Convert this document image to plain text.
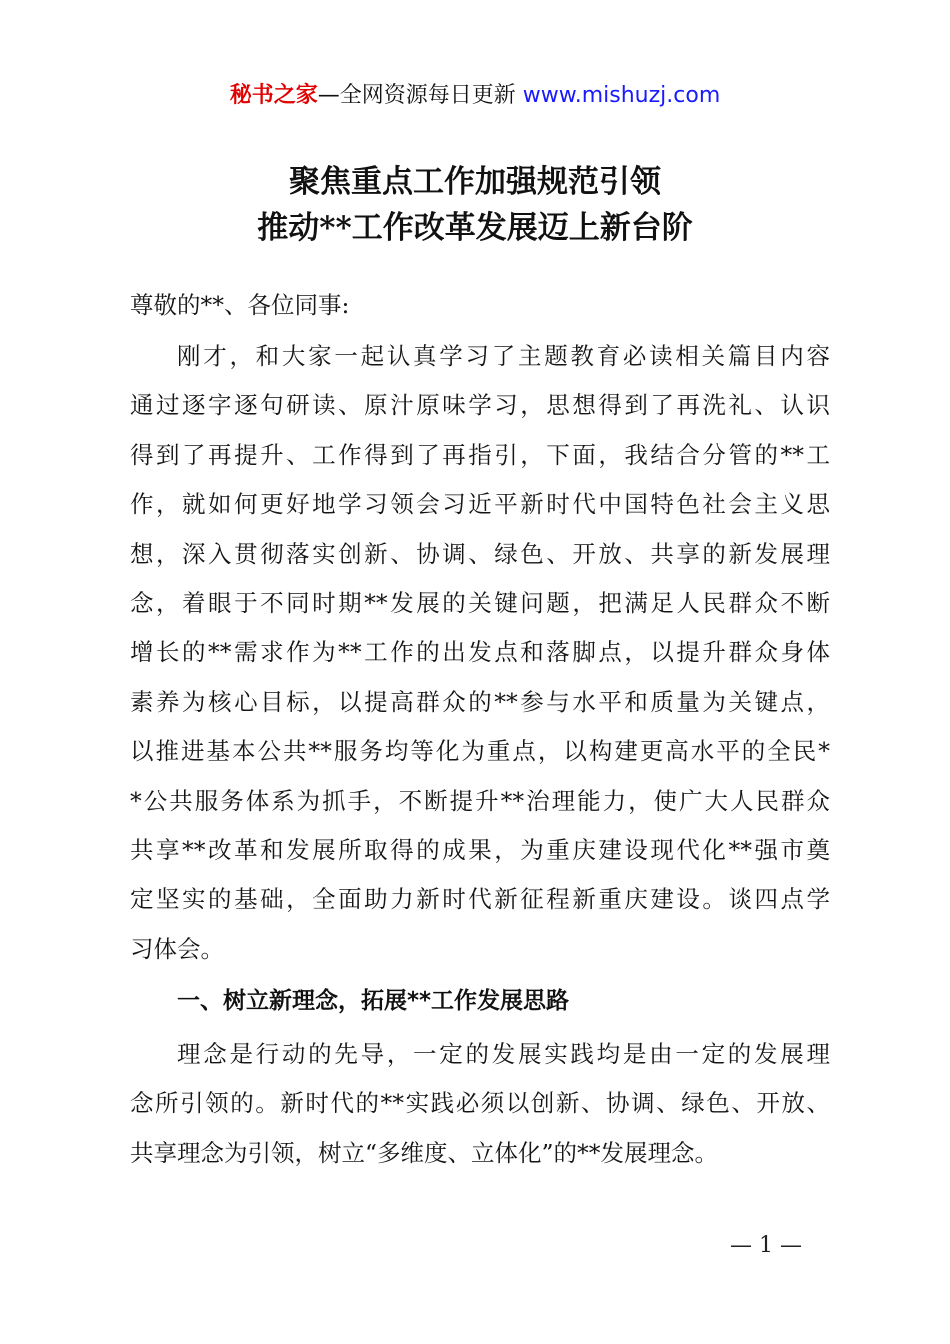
秘书之家—全网资源每日更新 www.mishuzj.com
聚焦重点工作加强规范引领
推动**工作改革发展迈上新台阶
尊敬的**、各位同事:
刚才，和大家一起认真学习了主题教育必读相关篇目内容
通过逐字逐句研读、原汁原味学习，思想得到了再洗礼、认识
得到了再提升、工作得到了再指引，下面，我结合分管的**工
作，就如何更好地学习领会习近平新时代中国特色社会主义思
想，深入贯彻落实创新、协调、绿色、开放、共享的新发展理
念，着眼于不同时期**发展的关键问题，把满足人民群众不断
增长的**需求作为**工作的出发点和落脚点，以提升群众身体
素养为核心目标，以提高群众的**参与水平和质量为关键点，
以推进基本公共**服务均等化为重点，以构建更高水平的全民*
*公共服务体系为抓手，不断提升**治理能力，使广大人民群众
共享**改革和发展所取得的成果，为重庆建设现代化**强市奠
定坚实的基础，全面助力新时代新征程新重庆建设。谈四点学
习体会。
一、树立新理念，拓展**工作发展思路
理念是行动的先导，一定的发展实践均是由一定的发展理
念所引领的。新时代的**实践必须以创新、协调、绿色、开放、
共享理念为引领，树立“多维度、立体化”的**发展理念。
— 1 —
